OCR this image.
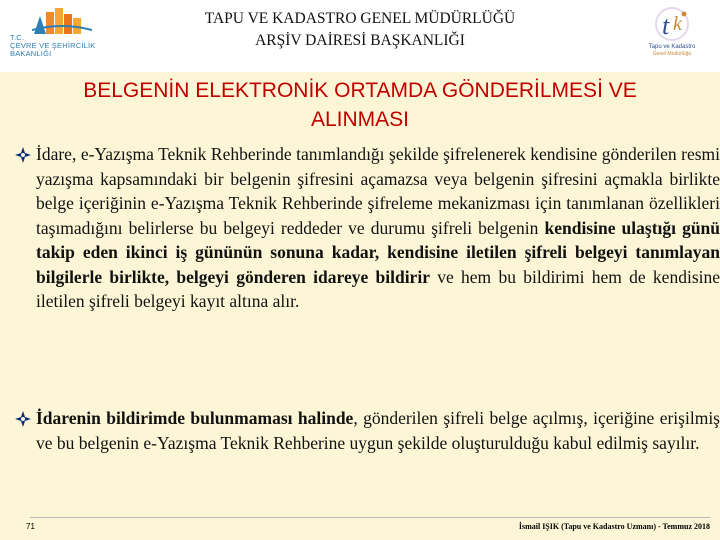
T.C.
ÇEVRE VE ŞEHİRCİLİK
BAKANLIĞI
TAPU VE KADASTRO GENEL MÜDÜRLÜĞÜ
ARŞİV DAİRESİ BAŞKANLIĞI
t k
Tapu ve Kadastro
Genel Müdürlüğü
BELGENİN ELEKTRONİK ORTAMDA GÖNDERİLMESİ VE
ALINMASI
İdare, e-Yazışma Teknik Rehberinde tanımlandığı şekilde şifrelenerek kendisine gönderilen resmi yazışma kapsamındaki bir belgenin şifresini açamazsa veya belgenin şifresini açmakla birlikte belge içeriğinin e-Yazışma Teknik Rehberinde şifreleme mekanizması için tanımlanan özellikleri taşımadığını belirlerse bu belgeyi reddeder ve durumu şifreli belgenin kendisine ulaştığı günü takip eden ikinci iş gününün sonuna kadar, kendisine iletilen şifreli belgeyi tanımlayan bilgilerle birlikte, belgeyi gönderen idareye bildirir ve hem bu bildirimi hem de kendisine iletilen şifreli belgeyi kayıt altına alır.
İdarenin bildirimde bulunmaması halinde, gönderilen şifreli belge açılmış, içeriğine erişilmiş ve bu belgenin e-Yazışma Teknik Rehberine uygun şekilde oluşturulduğu kabul edilmiş sayılır.
71	İsmail IŞIK (Tapu ve Kadastro Uzmanı) - Temmuz 2018
